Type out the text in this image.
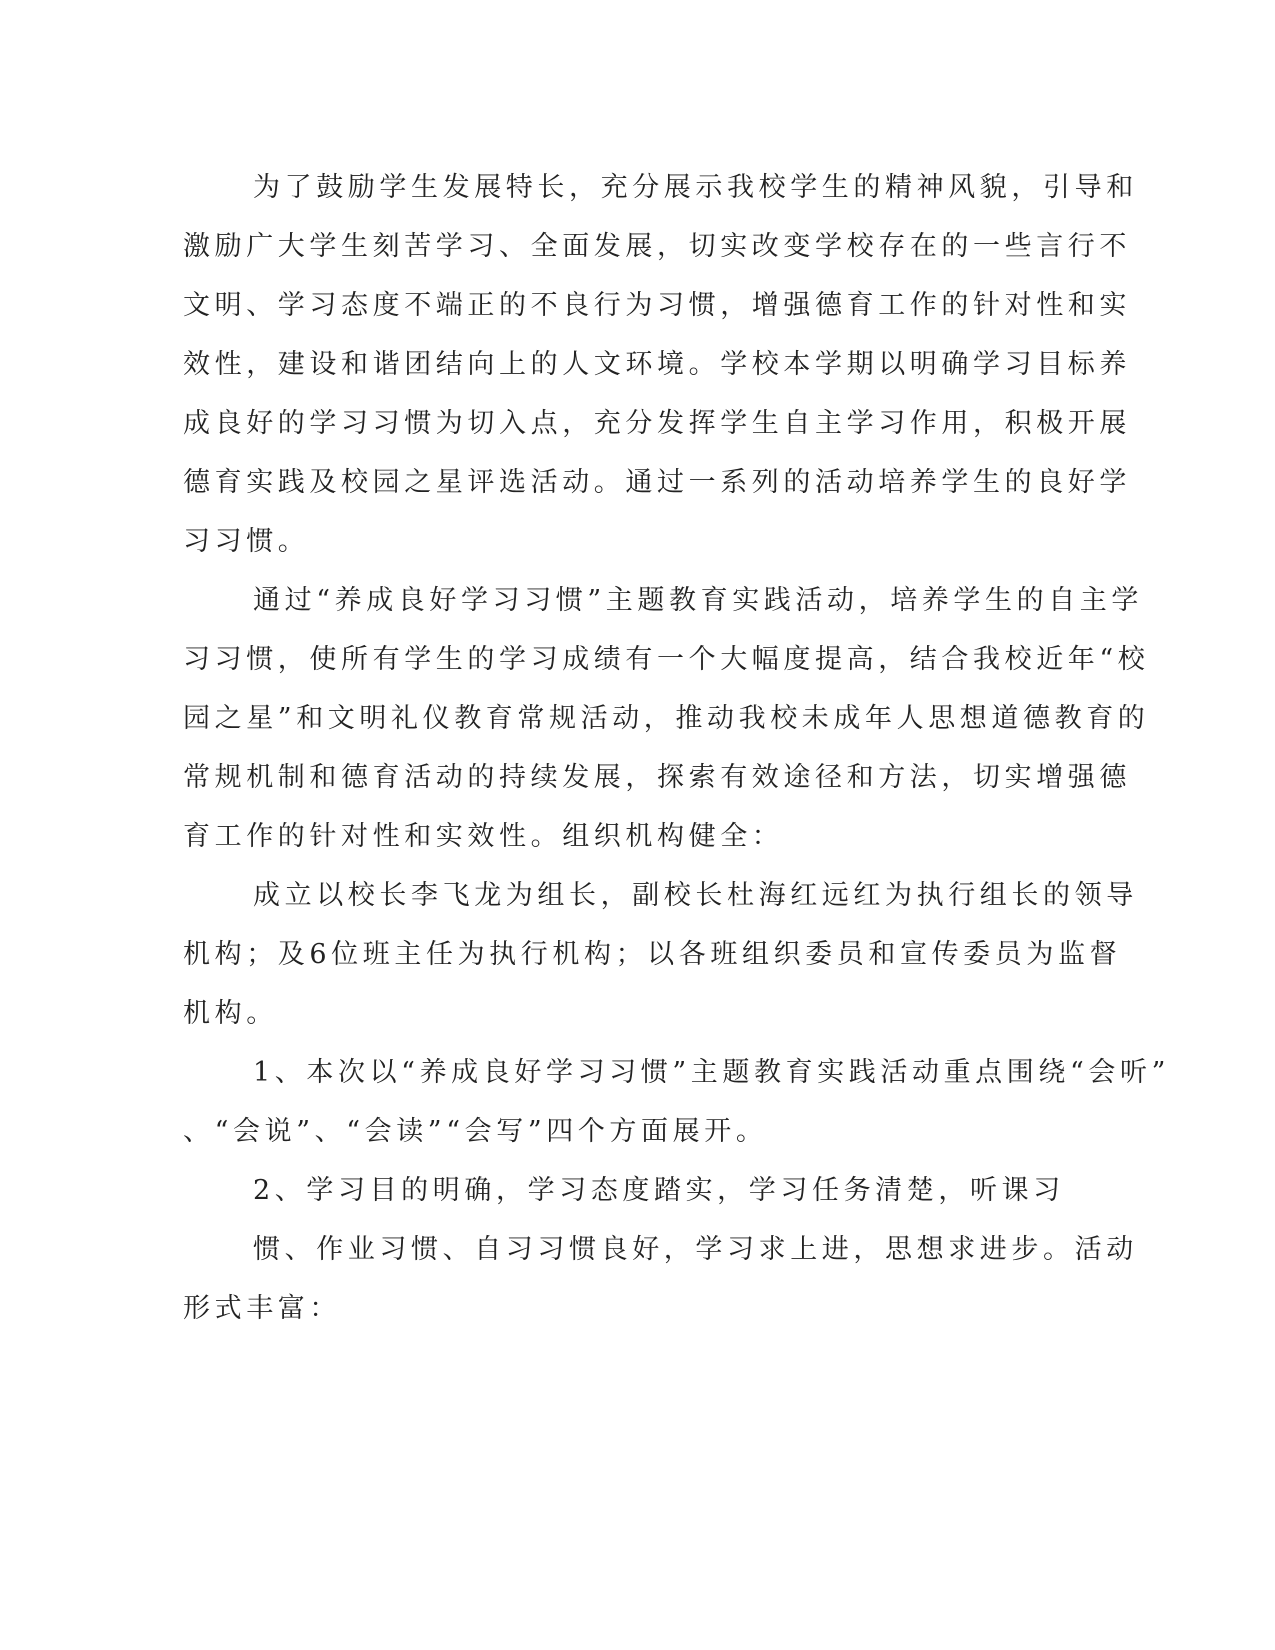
为了鼓励学生发展特长，充分展示我校学生的精神风貌，引导和
激励广大学生刻苦学习、全面发展，切实改变学校存在的一些言行不
文明、学习态度不端正的不良行为习惯，增强德育工作的针对性和实
效性，建设和谐团结向上的人文环境。学校本学期以明确学习目标养
成良好的学习习惯为切入点，充分发挥学生自主学习作用，积极开展
德育实践及校园之星评选活动。通过一系列的活动培养学生的良好学
习习惯。
通过“养成良好学习习惯”主题教育实践活动，培养学生的自主学
习习惯，使所有学生的学习成绩有一个大幅度提高，结合我校近年“校
园之星”和文明礼仪教育常规活动，推动我校未成年人思想道德教育的
常规机制和德育活动的持续发展，探索有效途径和方法，切实增强德
育工作的针对性和实效性。组织机构健全：
成立以校长李飞龙为组长，副校长杜海红远红为执行组长的领导
机构；及6位班主任为执行机构；以各班组织委员和宣传委员为监督
机构。
1、本次以“养成良好学习习惯”主题教育实践活动重点围绕“会听”
、“会说”、“会读”“会写”四个方面展开。
2、学习目的明确，学习态度踏实，学习任务清楚，听课习
惯、作业习惯、自习习惯良好，学习求上进，思想求进步。活动
形式丰富：
